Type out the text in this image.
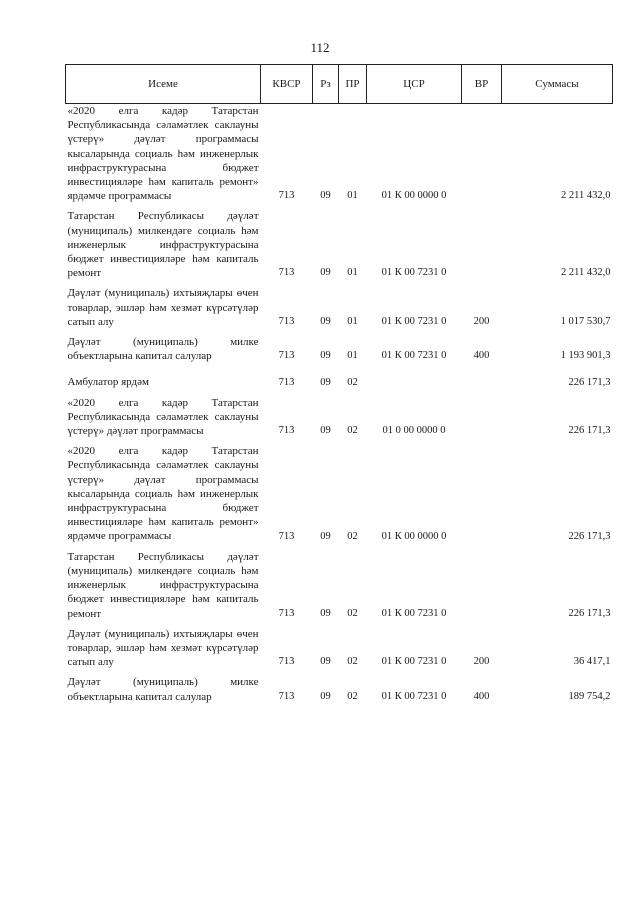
112
Исеме	КВСР	Рз	ПР	ЦСР	ВР	Суммасы
«2020 елга кадәр Татарстан Республикасында сәламәтлек саклауны үстерү» дәүләт программасы кысаларында социаль һәм инженерлык инфраструктурасына бюджет инвестицияләре һәм капиталь ремонт» ярдәмче программасы	713	09	01	01 К 00 0000 0		2 211 432,0

Татарстан Республикасы дәүләт (муниципаль) милкендәге социаль һәм инженерлык инфраструктурасына бюджет инвестицияләре һәм капиталь ремонт	713	09	01	01 К 00 7231 0		2 211 432,0

Дәүләт (муниципаль) ихтыяҗлары өчен товарлар, эшләр һәм хезмәт күрсәтүләр сатып алу	713	09	01	01 К 00 7231 0	200	1 017 530,7

Дәүләт (муниципаль) милке объектларына капитал салулар	713	09	01	01 К 00 7231 0	400	1 193 901,3

Амбулатор ярдәм	713	09	02			226 171,3

«2020 елга кадәр Татарстан Республикасында сәламәтлек саклауны үстерү» дәүләт программасы	713	09	02	01 0 00 0000 0		226 171,3

«2020 елга кадәр Татарстан Республикасында сәламәтлек саклауны үстерү» дәүләт программасы кысаларында социаль һәм инженерлык инфраструктурасына бюджет инвестицияләре һәм капиталь ремонт» ярдәмче программасы	713	09	02	01 К 00 0000 0		226 171,3

Татарстан Республикасы дәүләт (муниципаль) милкендәге социаль һәм инженерлык инфраструктурасына бюджет инвестицияләре һәм капиталь ремонт	713	09	02	01 К 00 7231 0		226 171,3

Дәүләт (муниципаль) ихтыяҗлары өчен товарлар, эшләр һәм хезмәт күрсәтүләр сатып алу	713	09	02	01 К 00 7231 0	200	36 417,1

Дәүләт (муниципаль) милке объектларына капитал салулар	713	09	02	01 К 00 7231 0	400	189 754,2
